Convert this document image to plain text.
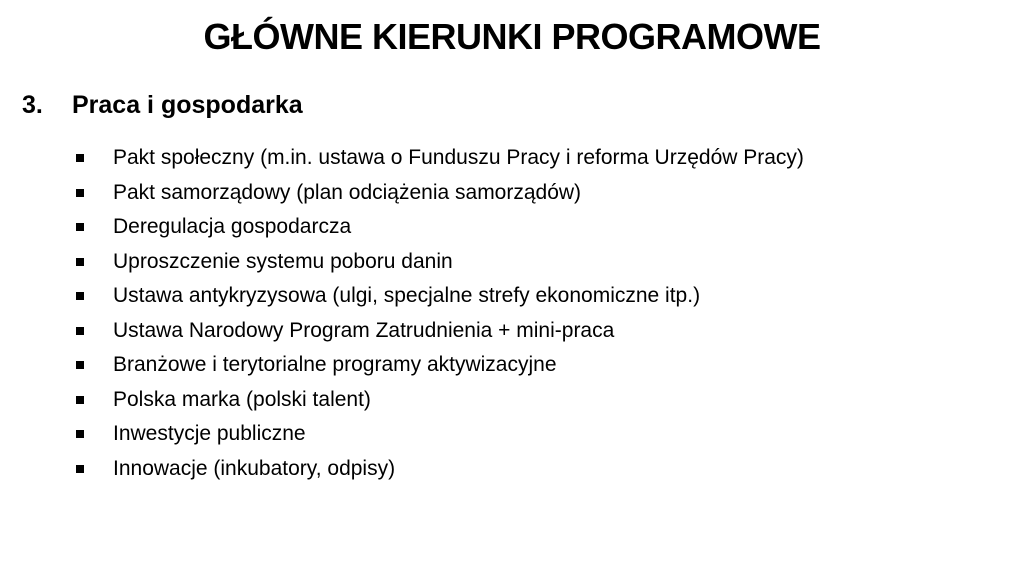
GŁÓWNE KIERUNKI PROGRAMOWE
3.	Praca i gospodarka
Pakt społeczny (m.in. ustawa o Funduszu Pracy i reforma Urzędów Pracy)
Pakt samorządowy (plan odciążenia samorządów)
Deregulacja gospodarcza
Uproszczenie systemu poboru danin
Ustawa antykryzysowa (ulgi, specjalne strefy ekonomiczne itp.)
Ustawa Narodowy Program Zatrudnienia + mini-praca
Branżowe i terytorialne programy aktywizacyjne
Polska marka (polski talent)
Inwestycje publiczne
Innowacje (inkubatory, odpisy)
